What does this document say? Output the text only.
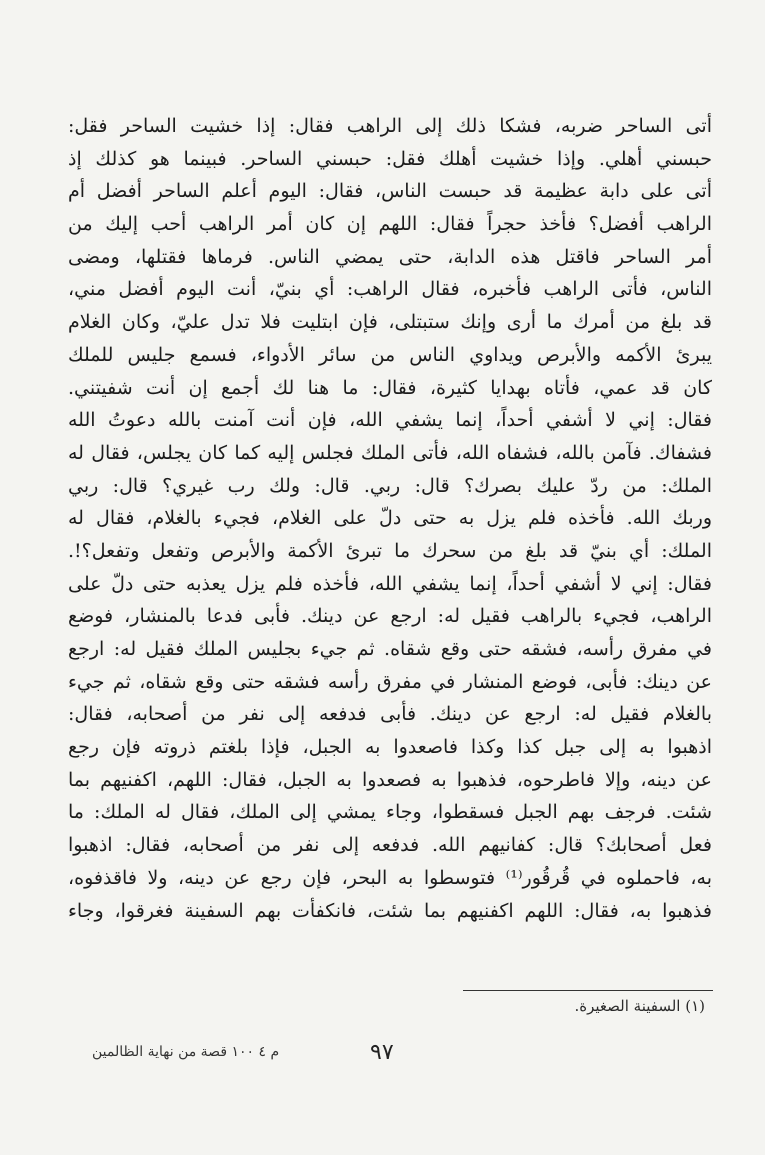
أتى الساحر ضربه، فشكا ذلك إلى الراهب فقال: إذا خشيت الساحر فقل:
حبسني أهلي. وإذا خشيت أهلك فقل: حبسني الساحر. فبينما هو كذلك إذ
أتى على دابة عظيمة قد حبست الناس، فقال: اليوم أعلم الساحر أفضل أم
الراهب أفضل؟ فأخذ حجراً فقال: اللهم إن كان أمر الراهب أحب إليك من
أمر الساحر فاقتل هذه الدابة، حتى يمضي الناس. فرماها فقتلها، ومضى
الناس، فأتى الراهب فأخبره، فقال الراهب: أي بنيّ، أنت اليوم أفضل مني،
قد بلغ من أمرك ما أرى وإنك ستبتلى، فإن ابتليت فلا تدل عليّ، وكان الغلام
يبرئ الأكمه والأبرص ويداوي الناس من سائر الأدواء، فسمع جليس للملك
كان قد عمي، فأتاه بهدايا كثيرة، فقال: ما هنا لك أجمع إن أنت شفيتني.
فقال: إني لا أشفي أحداً، إنما يشفي الله، فإن أنت آمنت بالله دعوتُ الله
فشفاك. فآمن بالله، فشفاه الله، فأتى الملك فجلس إليه كما كان يجلس، فقال له
الملك: من ردّ عليك بصرك؟ قال: ربي. قال: ولك رب غيري؟ قال: ربي
وربك الله. فأخذه فلم يزل به حتى دلّ على الغلام، فجيء بالغلام، فقال له
الملك: أي بنيّ قد بلغ من سحرك ما تبرئ الأكمة والأبرص وتفعل وتفعل؟!.
فقال: إني لا أشفي أحداً، إنما يشفي الله، فأخذه فلم يزل يعذبه حتى دلّ على
الراهب، فجيء بالراهب فقيل له: ارجع عن دينك. فأبى فدعا بالمنشار، فوضع
في مفرق رأسه، فشقه حتى وقع شقاه. ثم جيء بجليس الملك فقيل له: ارجع
عن دينك: فأبى، فوضع المنشار في مفرق رأسه فشقه حتى وقع شقاه، ثم جيء
بالغلام فقيل له: ارجع عن دينك. فأبى فدفعه إلى نفر من أصحابه، فقال:
اذهبوا به إلى جبل كذا وكذا فاصعدوا به الجبل، فإذا بلغتم ذروته فإن رجع
عن دينه، وإلا فاطرحوه، فذهبوا به فصعدوا به الجبل، فقال: اللهم، اكفنيهم بما
شئت. فرجف بهم الجبل فسقطوا، وجاء يمشي إلى الملك، فقال له الملك: ما
فعل أصحابك؟ قال: كفانيهم الله. فدفعه إلى نفر من أصحابه، فقال: اذهبوا
به، فاحملوه في قُرقُور⁽¹⁾ فتوسطوا به البحر، فإن رجع عن دينه، ولا فاقذفوه،
فذهبوا به، فقال: اللهم اكفنيهم بما شئت، فانكفأت بهم السفينة فغرقوا، وجاء
(١) السفينة الصغيرة.
٩٧
م ٤ ١٠٠ قصة من نهاية الظالمين
